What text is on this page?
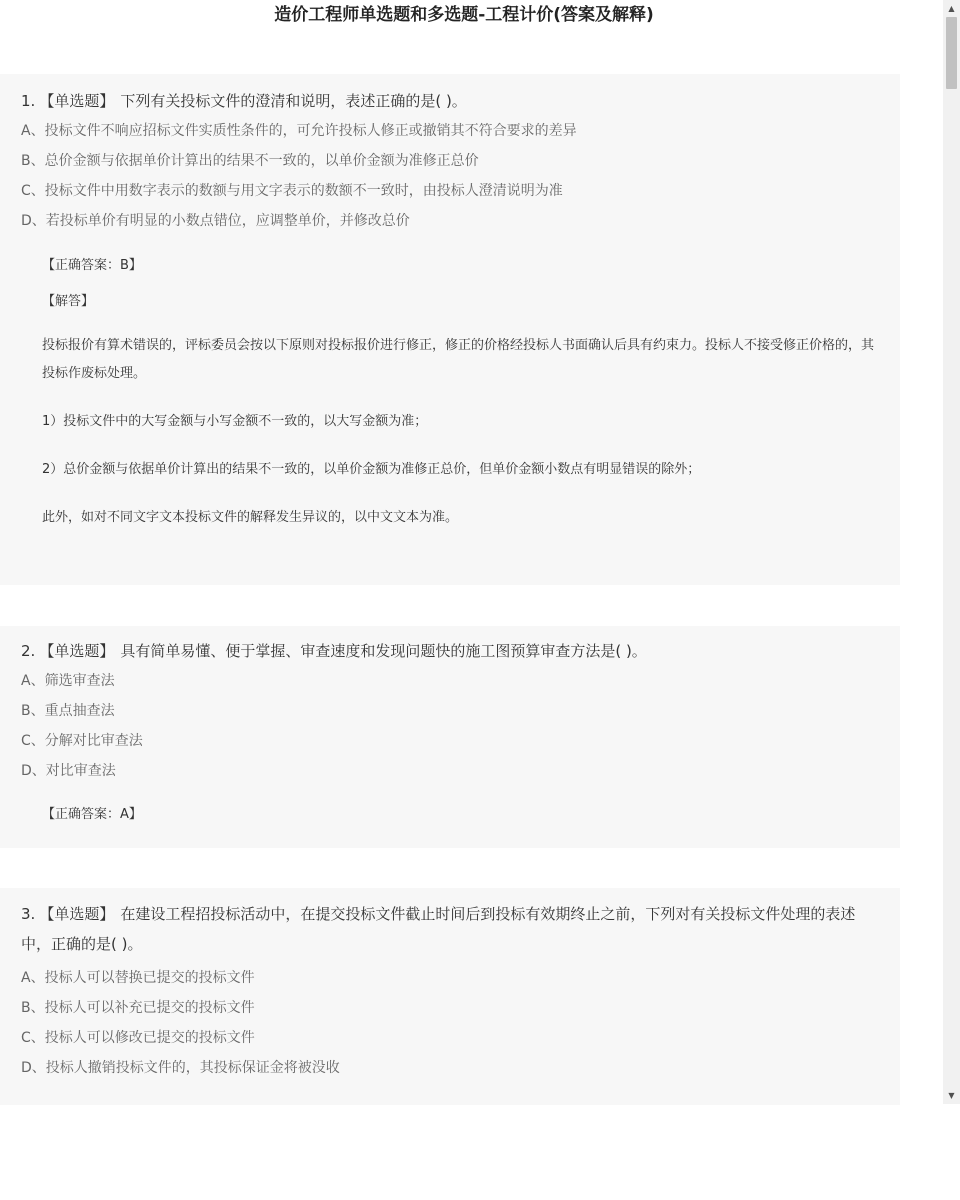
造价工程师单选题和多选题-工程计价(答案及解释)
1. 【单选题】 下列有关投标文件的澄清和说明，表述正确的是( )。
A、投标文件不响应招标文件实质性条件的，可允许投标人修正或撤销其不符合要求的差异
B、总价金额与依据单价计算出的结果不一致的，以单价金额为准修正总价
C、投标文件中用数字表示的数额与用文字表示的数额不一致时，由投标人澄清说明为准
D、若投标单价有明显的小数点错位，应调整单价，并修改总价
【正确答案：B】
【解答】
投标报价有算术错误的，评标委员会按以下原则对投标报价进行修正，修正的价格经投标人书面确认后具有约束力。投标人不接受修正价格的，其投标作废标处理。
1）投标文件中的大写金额与小写金额不一致的，以大写金额为准；
2）总价金额与依据单价计算出的结果不一致的，以单价金额为准修正总价，但单价金额小数点有明显错误的除外；
此外，如对不同文字文本投标文件的解释发生异议的，以中文文本为准。
2. 【单选题】 具有简单易懂、便于掌握、审查速度和发现问题快的施工图预算审查方法是( )。
A、筛选审查法
B、重点抽查法
C、分解对比审查法
D、对比审查法
【正确答案：A】
3. 【单选题】 在建设工程招投标活动中，在提交投标文件截止时间后到投标有效期终止之前，下列对有关投标文件处理的表述中，正确的是( )。
A、投标人可以替换已提交的投标文件
B、投标人可以补充已提交的投标文件
C、投标人可以修改已提交的投标文件
D、投标人撤销投标文件的，其投标保证金将被没收
▲
▼
